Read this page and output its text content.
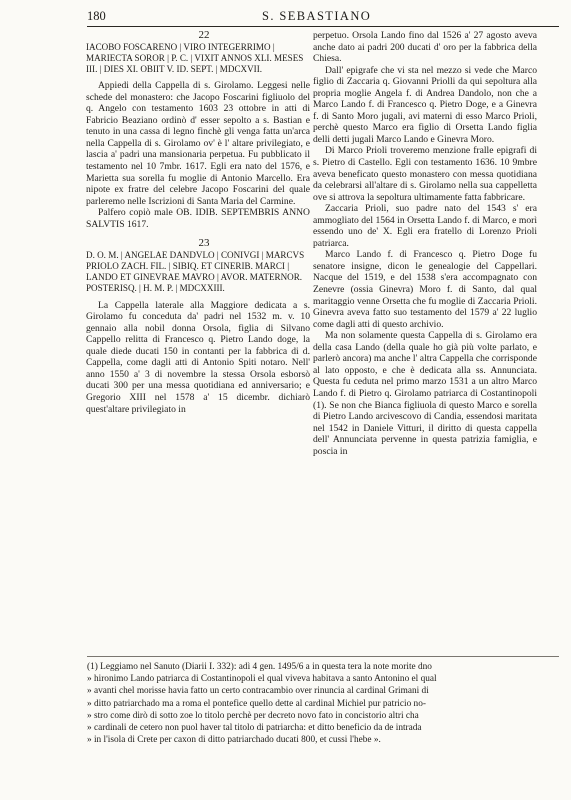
180	S. SEBASTIANO

22

IACOBO FOSCARENO | VIRO INTEGERRIMO | MARIECTA SOROR | P. C. | VIXIT ANNOS XLI. MESES III. | DIES XI. OBIIT V. ID. SEPT. | MDCXVII.

Appiedi della Cappella di s. Girolamo. Leggesi nelle schede del monastero: che Jacopo Foscarini figliuolo del q. Angelo con testamento 1603 23 ottobre in atti di Fabricio Beaziano ordinò d' esser sepolto a s. Bastian e tenuto in una cassa di legno finchè gli venga fatta un'arca nella Cappella di s. Girolamo ov' è l' altare privilegiato, e lascia a' padri una mansionaria perpetua. Fu pubblicato il testamento nel 10 7mbr. 1617. Egli era nato del 1576, e Marietta sua sorella fu moglie di Antonio Marcello. Era nipote ex fratre del celebre Jacopo Foscarini del quale parleremo nelle Iscrizioni di Santa Maria del Carmine.

Palfero copiò male OB. IDIB. SEPTEMBRIS ANNO SALVTIS 1617.

23

D. O. M. | ANGELAE DANDVLO | CONIVGI | MARCVS PRIOLO ZACH. FIL. | SIBIQ. ET CINERIB. MARCI | LANDO ET GINEVRAE MAVRO | AVOR. MATERNOR. POSTERISQ. | H. M. P. | MDCXXIII.

La Cappella laterale alla Maggiore dedicata a s. Girolamo fu conceduta da' padri nel 1532 m. v. 10 gennaio alla nobil donna Orsola, figlia di Silvano Cappello relitta di Francesco q. Pietro Lando doge, la quale diede ducati 150 in contanti per la fabbrica di d. Cappella, come dagli atti di Antonio Spiti notaro. Nell' anno 1550 a' 3 di novembre la stessa Orsola esborsò ducati 300 per una messa quotidiana ed anniversario; e Gregorio XIII nel 1578 a' 15 dicembr. dichiarò quest'altare privilegiato in

perpetuo. Orsola Lando fino dal 1526 a' 27 agosto aveva anche dato ai padri 200 ducati d' oro per la fabbrica della Chiesa.

Dall' epigrafe che vi sta nel mezzo si vede che Marco figlio di Zaccaria q. Giovanni Priolli da qui sepoltura alla propria moglie Angela f. di Andrea Dandolo, non che a Marco Lando f. di Francesco q. Pietro Doge, e a Ginevra f. di Santo Moro jugali, avi materni di esso Marco Prioli, perchè questo Marco era figlio di Orsetta Lando figlia delli detti jugali Marco Lando e Ginevra Moro.

Di Marco Prioli troveremo menzione fralle epigrafi di s. Pietro di Castello. Egli con testamento 1636. 10 9mbre aveva beneficato questo monastero con messa quotidiana da celebrarsi all'altare di s. Girolamo nella sua cappelletta ove si attrova la sepoltura ultimamente fatta fabbricare.

Zaccaria Prioli, suo padre nato del 1543 s' era ammogliato del 1564 in Orsetta Lando f. di Marco, e morì essendo uno de' X. Egli era fratello di Lorenzo Prioli patriarca.

Marco Lando f. di Francesco q. Pietro Doge fu senatore insigne, dicon le genealogie del Cappellari. Nacque del 1519, e del 1538 s'era accompagnato con Zenevre (ossia Ginevra) Moro f. di Santo, dal qual maritaggio venne Orsetta che fu moglie di Zaccaria Prioli. Ginevra aveva fatto suo testamento del 1579 a' 22 luglio come dagli atti di questo archivio.

Ma non solamente questa Cappella di s. Girolamo era della casa Lando (della quale ho già più volte parlato, e parlerò ancora) ma anche l' altra Cappella che corrisponde al lato opposto, e che è dedicata alla ss. Annunciata. Questa fu ceduta nel primo marzo 1531 a un altro Marco Lando f. di Pietro q. Girolamo patriarca di Costantinopoli (1). Se non che Bianca figliuola di questo Marco e sorella di Pietro Lando arcivescovo di Candia, essendosi maritata nel 1542 in Daniele Vitturi, il diritto di questa cappella dell' Annunciata pervenne in questa patrizia famiglia, e poscia in

(1) Leggiamo nel Sanuto (Diarii I. 332): adì 4 gen. 1495/6 a in questa tera la note morite dno
» hironimo Lando patriarca di Costantinopoli el qual viveva habitava a santo Antonino el qual
» avanti chel morisse havia fatto un certo contracambio over rinuncia al cardinal Grimani di
» ditto patriarchado ma a roma el pontefice quello dette al cardinal Michiel pur patricio no-
» stro come dirò di sotto zoe lo titolo perchè per decreto novo fato in concistorio altri cha
» cardinali de cetero non puol haver tal titolo di patriarcha: et ditto beneficio da de intrada
» in l'isola di Crete per caxon di ditto patriarchado ducati 800, et cussi l'hebe ».
